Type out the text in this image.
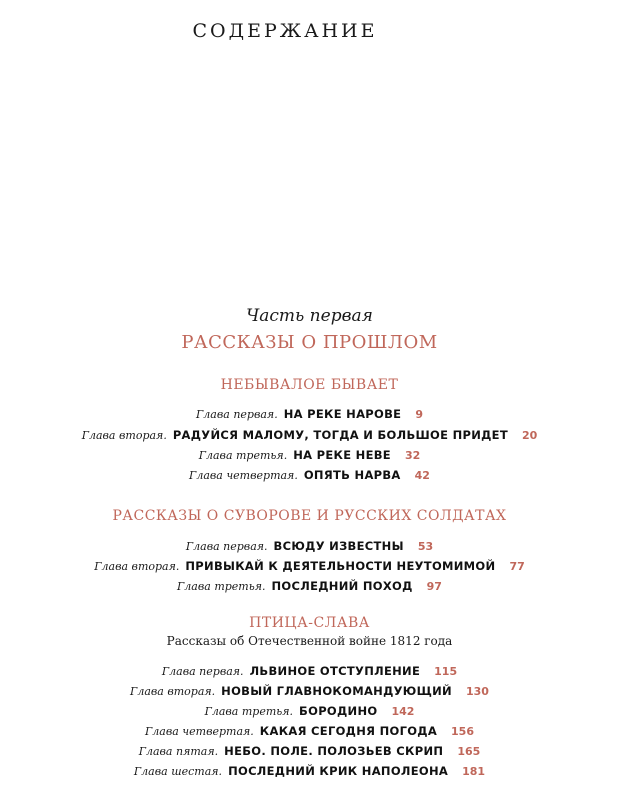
СОДЕРЖАНИЕ
Часть первая
РАССКАЗЫ О ПРОШЛОМ
НЕБЫВАЛОЕ БЫВАЕТ
Глава первая. НА РЕКЕ НАРОВЕ 9
Глава вторая. РАДУЙСЯ МАЛОМУ, ТОГДА И БОЛЬШОЕ ПРИДЕТ 20
Глава третья. НА РЕКЕ НЕВЕ 32
Глава четвертая. ОПЯТЬ НАРВА 42
РАССКАЗЫ О СУВОРОВЕ И РУССКИХ СОЛДАТАХ
Глава первая. ВСЮДУ ИЗВЕСТНЫ 53
Глава вторая. ПРИВЫКАЙ К ДЕЯТЕЛЬНОСТИ НЕУТОМИМОЙ 77
Глава третья. ПОСЛЕДНИЙ ПОХОД 97
ПТИЦА-СЛАВА
Рассказы об Отечественной войне 1812 года
Глава первая. ЛЬВИНОЕ ОТСТУПЛЕНИЕ 115
Глава вторая. НОВЫЙ ГЛАВНОКОМАНДУЮЩИЙ 130
Глава третья. БОРОДИНО 142
Глава четвертая. КАКАЯ СЕГОДНЯ ПОГОДА 156
Глава пятая. НЕБО. ПОЛЕ. ПОЛОЗЬЕВ СКРИП 165
Глава шестая. ПОСЛЕДНИЙ КРИК НАПОЛЕОНА 181
